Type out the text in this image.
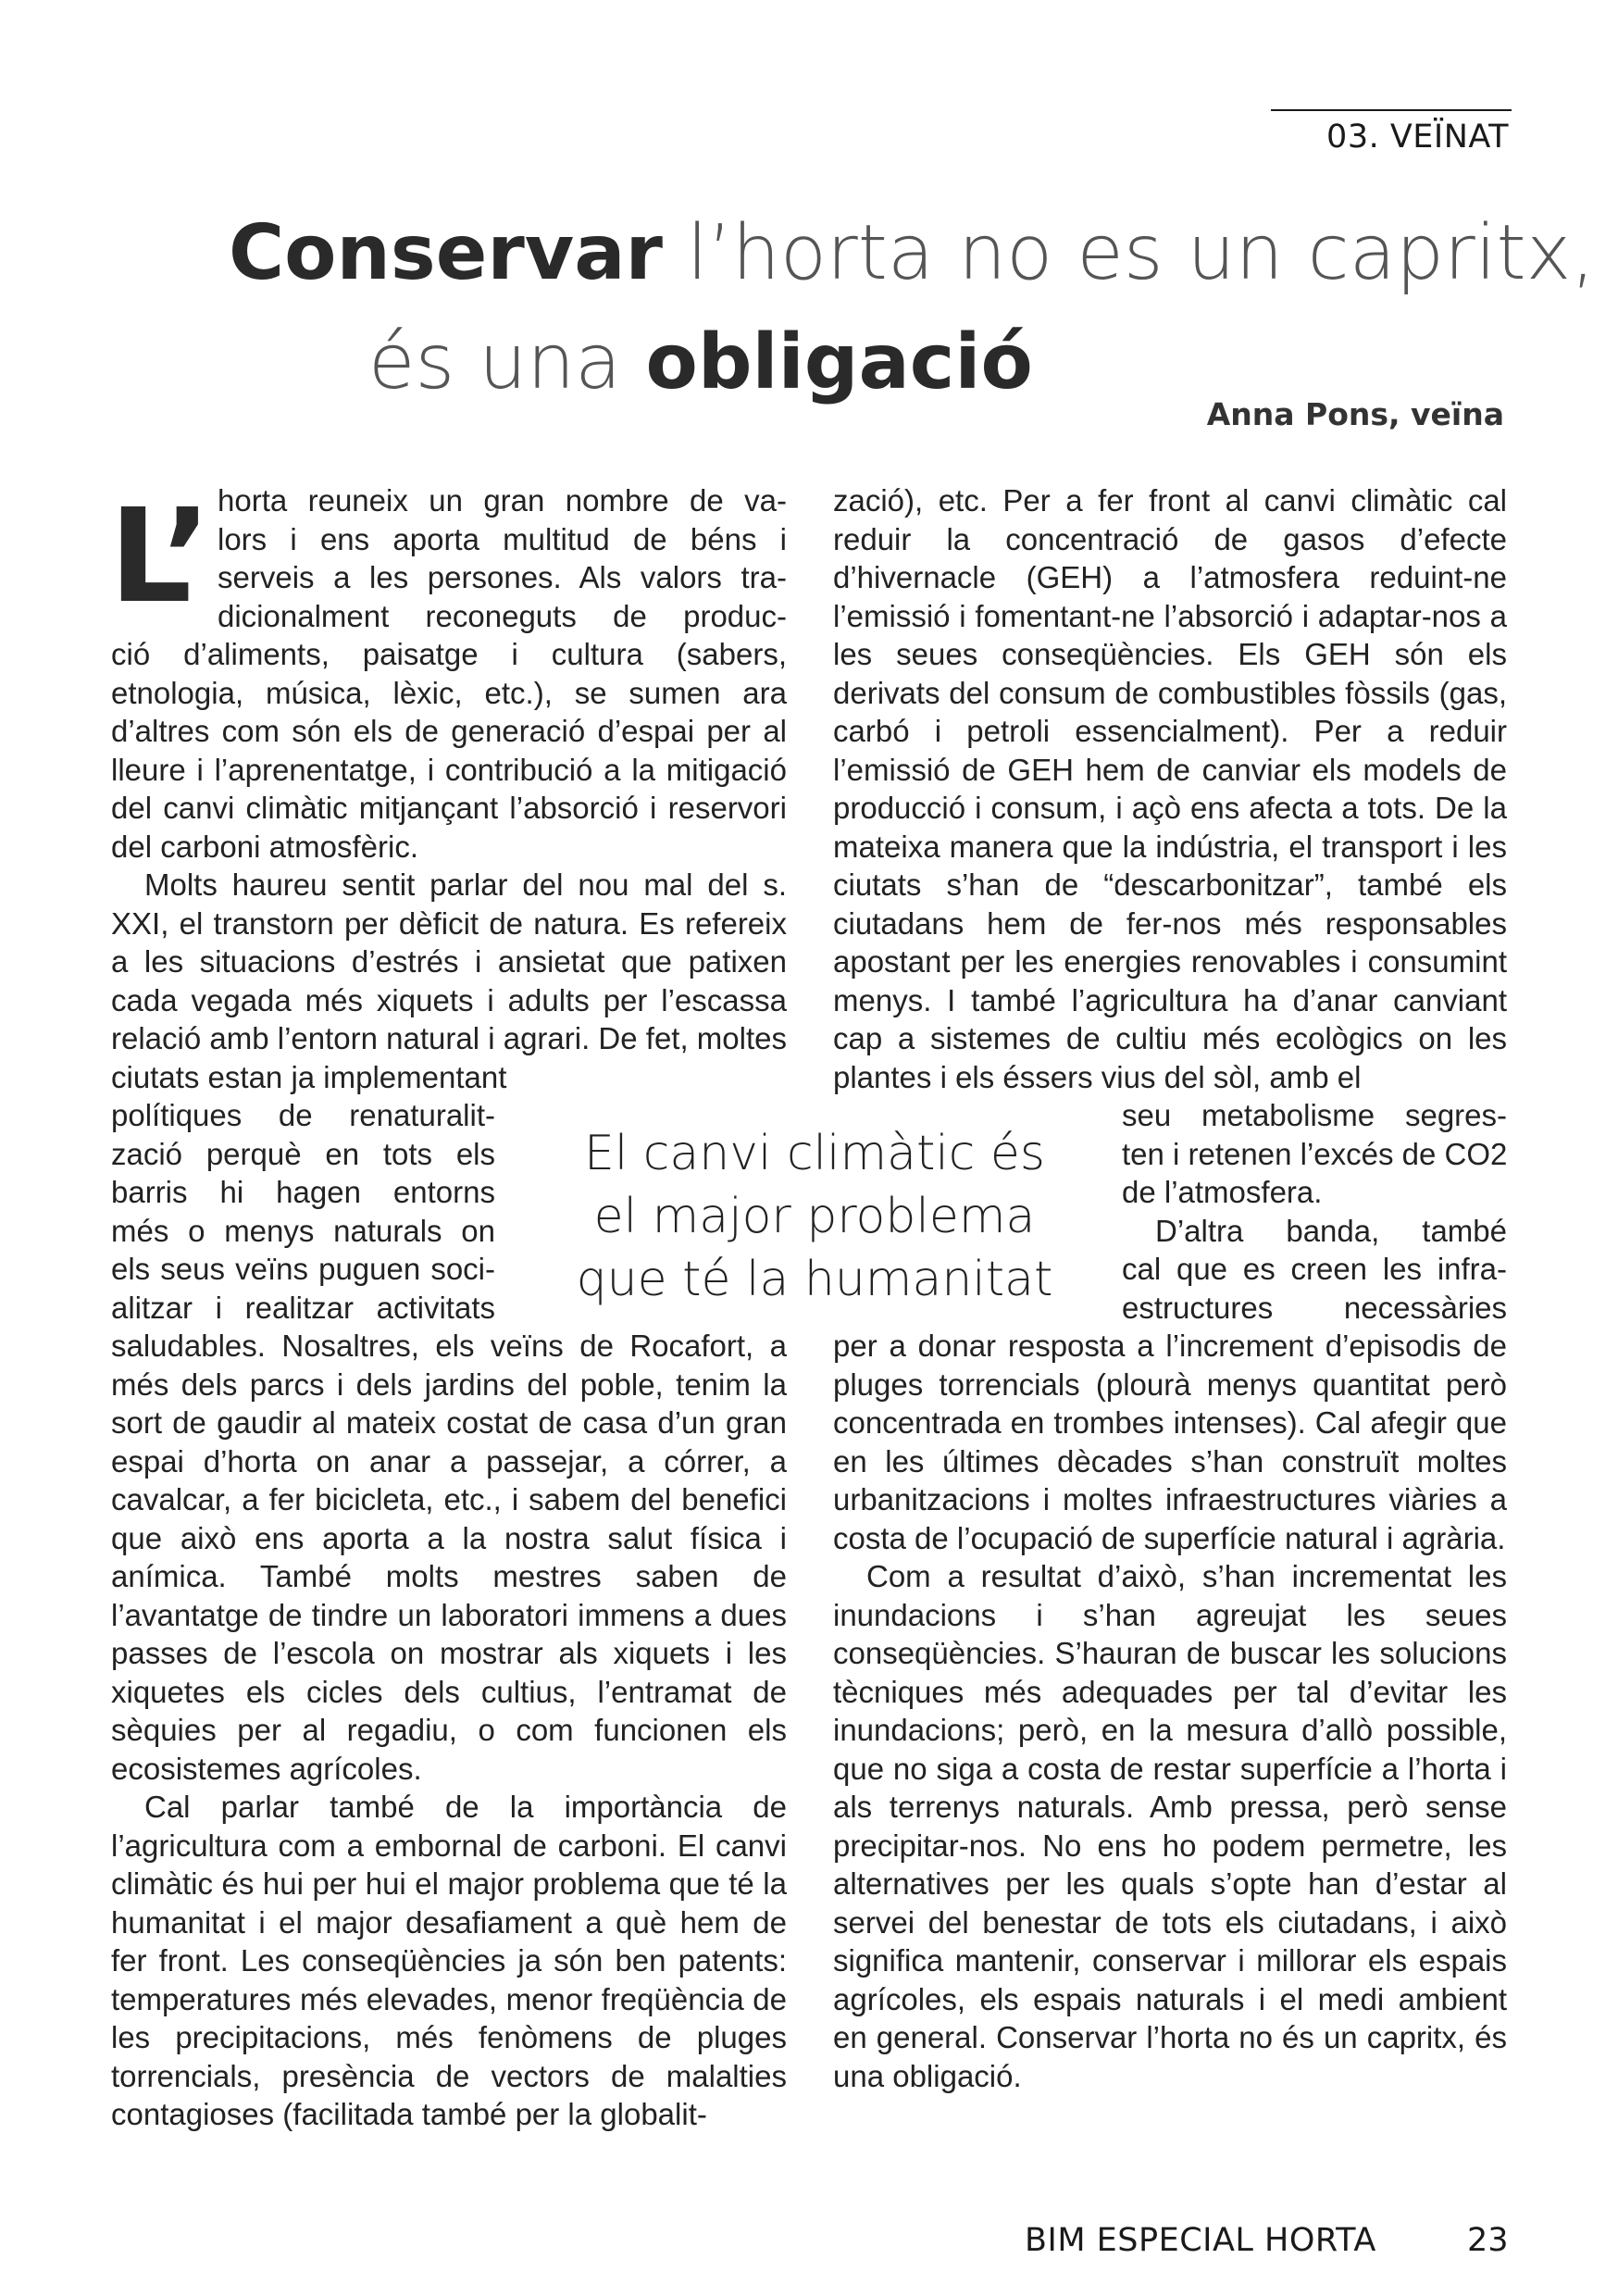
03. VEÏNAT
Conservar l’horta no es un capritx,
és una obligació
Anna Pons, veïna
L’ horta reuneix un gran nombre de va-
lors i ens aporta multitud de béns i
serveis a les persones. Als valors tra-
dicionalment reconeguts de produc-

ció d’aliments, paisatge i cultura (sabers, etnologia, música, lèxic, etc.), se sumen ara d’altres com són els de generació d’espai per al lleure i l’aprenentatge, i contribució a la mitigació del canvi climàtic mitjançant l’absorció i reservori del carboni atmosfèric.

Molts haureu sentit parlar del nou mal del s. XXI, el transtorn per dèficit de natura. Es refereix a les situacions d’estrés i ansietat que patixen cada vegada més xiquets i adults per l’escassa relació amb l’entorn natural i agrari. De fet, moltes ciutats estan ja implementant

polítiques de renaturalit-
zació perquè en tots els
barris hi hagen entorns
més o menys naturals on
els seus veïns puguen soci-
alitzar i realitzar activitats

saludables. Nosaltres, els veïns de Rocafort, a més dels parcs i dels jardins del poble, tenim la sort de gaudir al mateix costat de casa d’un gran espai d’horta on anar a passejar, a córrer, a cavalcar, a fer bicicleta, etc., i sabem del benefici que això ens aporta a la nostra salut física i anímica. També molts mestres saben de l’avantatge de tindre un laboratori immens a dues passes de l’escola on mostrar als xiquets i les xiquetes els cicles dels cultius, l’entramat de sèquies per al regadiu, o com funcionen els ecosistemes agrícoles.

Cal parlar també de la importància de l’agricultura com a embornal de carboni. El canvi climàtic és hui per hui el major problema que té la humanitat i el major desafiament a què hem de fer front. Les conseqüències ja són ben patents: temperatures més elevades, menor freqüència de les precipitacions, més fenòmens de pluges torrencials, presència de vectors de malalties contagioses (facilitada també per la globalit-

zació), etc. Per a fer front al canvi climàtic cal reduir la concentració de gasos d’efecte d’hivernacle (GEH) a l’atmosfera reduint-ne l’emissió i fomentant-ne l’absorció i adaptar-nos a les seues conseqüències. Els GEH són els derivats del consum de combustibles fòssils (gas, carbó i petroli essencialment). Per a reduir l’emissió de GEH hem de canviar els models de producció i consum, i açò ens afecta a tots. De la mateixa manera que la indústria, el transport i les ciutats s’han de “descarbonitzar”, també els ciutadans hem de fer-nos més responsables apostant per les energies renovables i consumint menys. I també l’agricultura ha d’anar canviant cap a sistemes de cultiu més ecològics on les plantes i els éssers vius del sòl, amb el

seu metabolisme segres-
ten i retenen l’excés de CO2
de l’atmosfera.
D’altra banda, també
cal que es creen les infra-
estructures necessàries

per a donar resposta a l’increment d’episodis de pluges torrencials (plourà menys quantitat però concentrada en trombes intenses). Cal afegir que en les últimes dècades s’han construït moltes urbanitzacions i moltes infraestructures viàries a costa de l’ocupació de superfície natural i agrària.

Com a resultat d’això, s’han incrementat les inundacions i s’han agreujat les seues conseqüències. S’hauran de buscar les solucions tècniques més adequades per tal d’evitar les inundacions; però, en la mesura d’allò possible, que no siga a costa de restar superfície a l’horta i als terrenys naturals. Amb pressa, però sense precipitar-nos. No ens ho podem permetre, les alternatives per les quals s’opte han d’estar al servei del benestar de tots els ciutadans, i això significa mantenir, conservar i millorar els espais agrícoles, els espais naturals i el medi ambient en general. Conservar l’horta no és un capritx, és una obligació.

El canvi climàtic és
el major problema
que té la humanitat
BIM ESPECIAL HORTA	23
